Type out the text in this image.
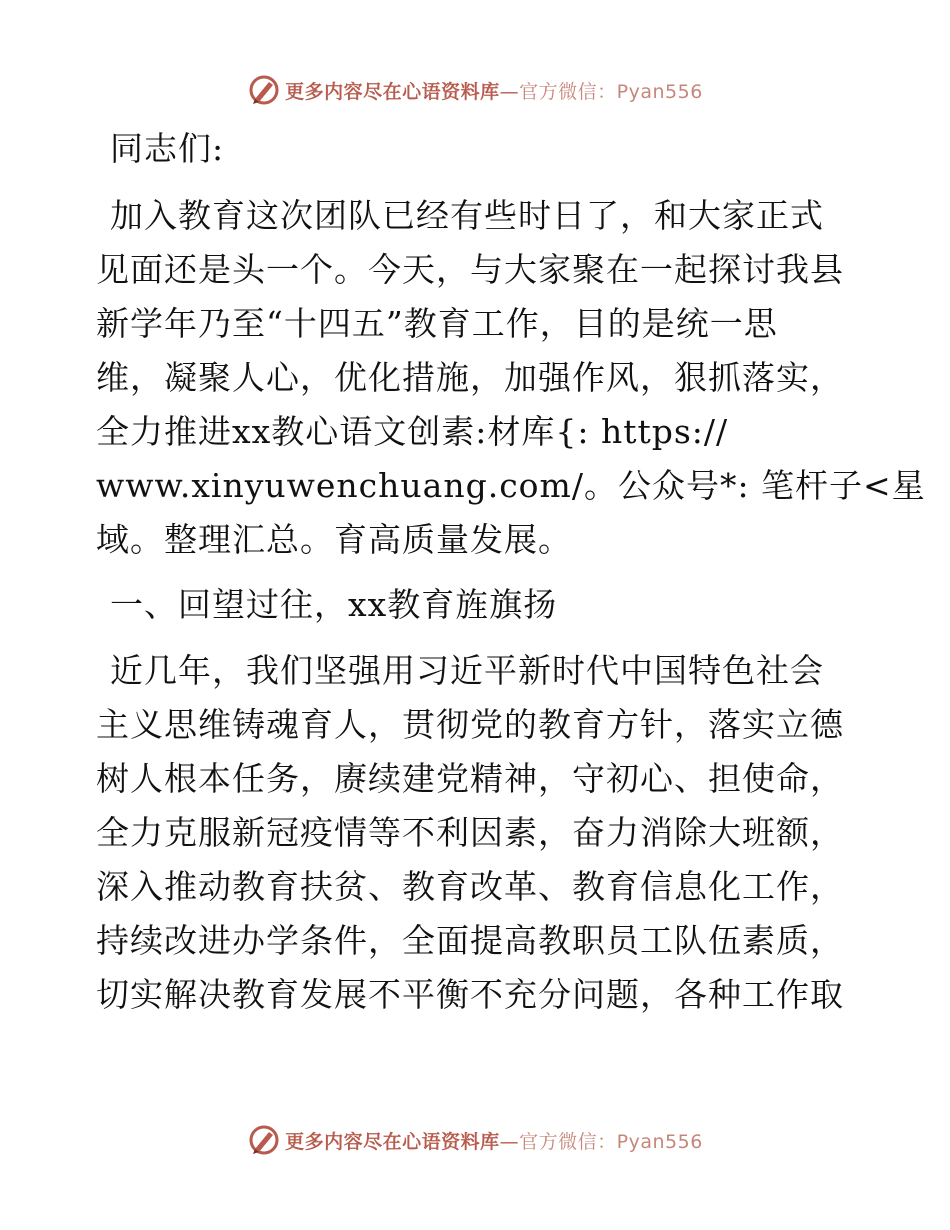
更多内容尽在心语资料库—官方微信：Pyan556

同志们:

加入教育这次团队已经有些时日了，和大家正式
见面还是头一个。今天，与大家聚在一起探讨我县
新学年乃至“十四五”教育工作，目的是统一思
维，凝聚人心，优化措施，加强作风，狠抓落实，
全力推进xx教心语文创素:材库{: https://
www.xinyuwenchuang.com/。公众号*: 笔杆子<星
域。整理汇总。育高质量发展。

一、回望过往，xx教育旌旗扬

近几年，我们坚强用习近平新时代中国特色社会
主义思维铸魂育人，贯彻党的教育方针，落实立德
树人根本任务，赓续建党精神，守初心、担使命，
全力克服新冠疫情等不利因素，奋力消除大班额，
深入推动教育扶贫、教育改革、教育信息化工作，
持续改进办学条件，全面提高教职员工队伍素质，
切实解决教育发展不平衡不充分问题，各种工作取

更多内容尽在心语资料库—官方微信：Pyan556
